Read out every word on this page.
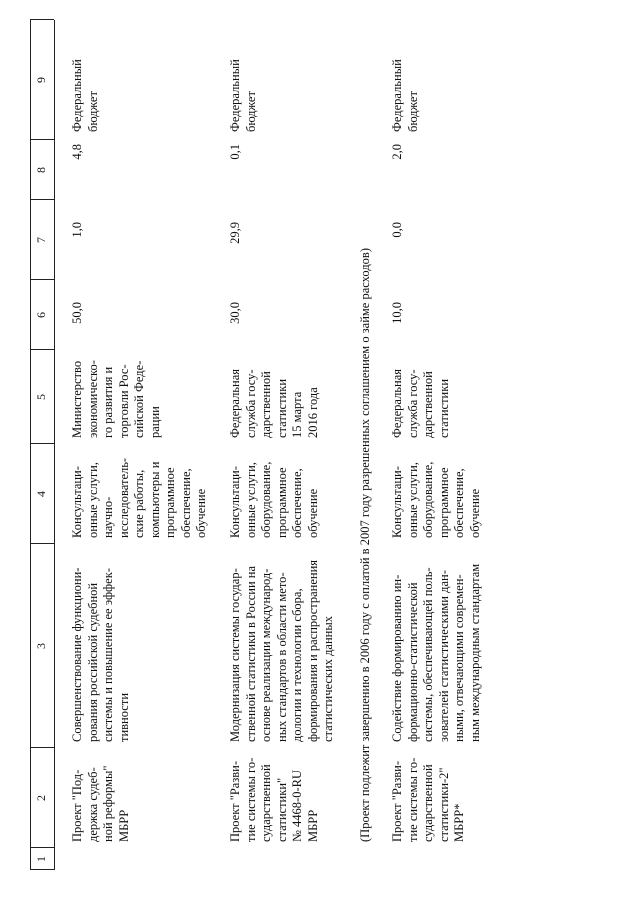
1
2
3
4
5
6
7
8
9
Проект "Под-
держка судеб-
ной реформы"
МБРР
Совершенствование функциони-
рования российской судебной
системы и повышение ее эффек-
тивности
Консультаци-
онные услуги,
научно-
исследователь-
ские работы,
компьютеры и
программное
обеспечение,
обучение
Министерство
экономическо-
го развития и
торговли Рос-
сийской Феде-
рации
50,0
1,0
4,8
Федеральный
бюджет
Проект "Разви-
тие системы го-
сударственной
статистики"
№ 4468-0-RU
МБРР
Модернизация системы государ-
ственной статистики в России на
основе реализации международ-
ных стандартов в области мето-
дологии и технологии сбора,
формирования и распространения
статистических данных
Консультаци-
онные услуги,
оборудование,
программное
обеспечение,
обучение
Федеральная
служба госу-
дарственной
статистики
15 марта
2016 года
30,0
29,9
0,1
Федеральный
бюджет
(Проект подлежит завершению в 2006 году с оплатой в 2007 году разрешенных соглашением о займе расходов) Проект "Разви-
тие системы го-
сударственной
статистики-2"
МБРР*
Содействие формированию ин-
формационно-статистической
системы, обеспечивающей поль-
зователей статистическими дан-
ными, отвечающими современ-
ным международным стандартам
Консультаци-
онные услуги,
оборудование,
программное
обеспечение,
обучение
Федеральная
служба госу-
дарственной
статистики
10,0
0,0
2,0
Федеральный
бюджет
